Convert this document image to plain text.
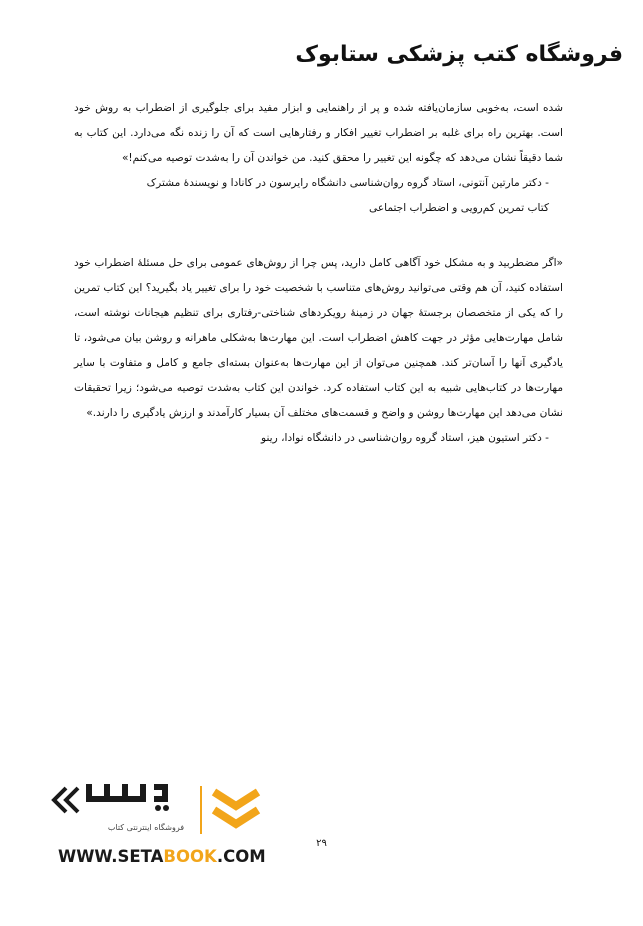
فروشگاه کتب پزشکی ستابوک

شده است، به‌خوبی سازمان‌یافته شده و پر از راهنمایی و ابزار مفید برای جلوگیری از اضطراب به روش خود است. بهترین راه برای غلبه بر اضطراب تغییر افکار و رفتارهایی است که آن را زنده نگه می‌دارد. این کتاب به شما دقیقاً نشان می‌دهد که چگونه این تغییر را محقق کنید. من خواندن آن را به‌شدت توصیه می‌کنم!»

- دکتر مارتین آنتونی، استاد گروه روان‌شناسی دانشگاه رایرسون در کانادا و نویسندهٔ مشترک

کتاب تمرین کم‌رویی و اضطراب اجتماعی

«اگر مضطربید و به مشکل خود آگاهی کامل دارید، پس چرا از روش‌های عمومی برای حل مسئلهٔ اضطراب خود استفاده کنید، آن هم وقتی می‌توانید روش‌های متناسب با شخصیت خود را برای تغییر یاد بگیرید؟ این کتاب تمرین را که یکی از متخصصان برجستهٔ جهان در زمینهٔ رویکردهای شناختی-رفتاری برای تنظیم هیجانات نوشته است، شامل مهارت‌هایی مؤثر در جهت کاهش اضطراب است. این مهارت‌ها به‌شکلی ماهرانه و روشن بیان می‌شود، تا یادگیری آنها را آسان‌تر کند. همچنین می‌توان از این مهارت‌ها به‌عنوان بسته‌ای جامع و کامل و متفاوت با سایر مهارت‌ها در کتاب‌هایی شبیه به این کتاب استفاده کرد. خواندن این کتاب به‌شدت توصیه می‌شود؛ زیرا تحقیقات نشان می‌دهد این مهارت‌ها روشن و واضح و قسمت‌های مختلف آن بسیار کارآمدند و ارزش یادگیری را دارند.»

- دکتر استیون هیز، استاد گروه روان‌شناسی در دانشگاه نوادا، رینو

۲۹
فروشگاه اینترنتی کتاب
WWW.SETABOOK.COM
